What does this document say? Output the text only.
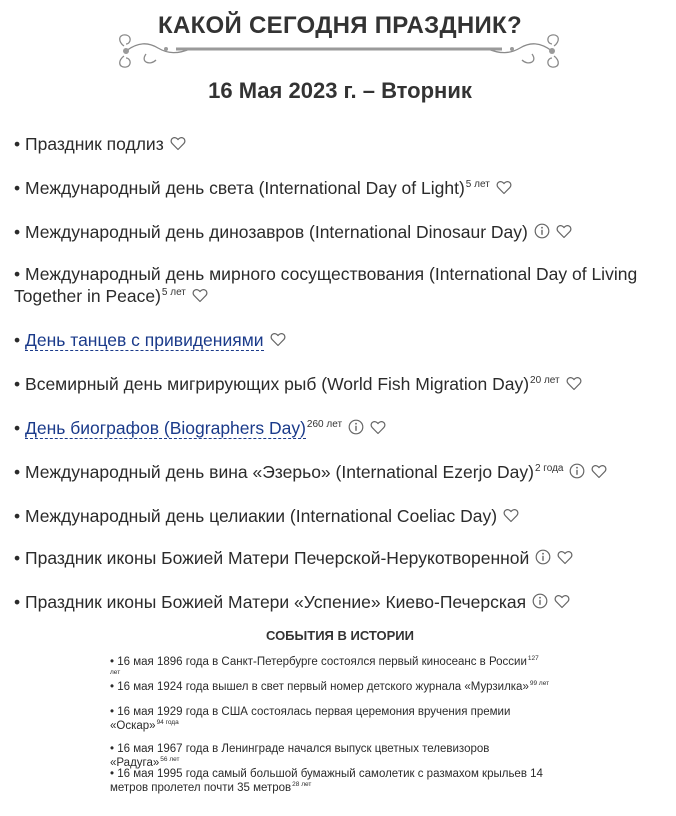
КАКОЙ СЕГОДНЯ ПРАЗДНИК?
16 Мая 2023 г. – Вторник
• Праздник подлиз
• Международный день света (International Day of Light)$^{5 лет}$
• Международный день динозавров (International Dinosaur Day)
• Международный день мирного сосуществования (International Day of Living Together in Peace)$^{5 лет}$
• День танцев с привидениями
• Всемирный день мигрирующих рыб (World Fish Migration Day)$^{20 лет}$
• День биографов (Biographers Day)$^{260 лет}$
• Международный день вина «Эзерьо» (International Ezerjo Day)$^{2 года}$
• Международный день целиакии (International Coeliac Day)
• Праздник иконы Божией Матери Печерской-Нерукотворенной
• Праздник иконы Божией Матери «Успение» Киево-Печерская
СОБЫТИЯ В ИСТОРИИ
• 16 мая 1896 года в Санкт-Петербурге состоялся первый киносеанс в России$^{127 лет}$
• 16 мая 1924 года вышел в свет первый номер детского журнала «Мурзилка»$^{99 лет}$
• 16 мая 1929 года в США состоялась первая церемония вручения премии «Оскар»$^{94 года}$
• 16 мая 1967 года в Ленинграде начался выпуск цветных телевизоров «Радуга»$^{56 лет}$
• 16 мая 1995 года самый большой бумажный самолетик с размахом крыльев 14 метров пролетел почти 35 метров$^{28 лет}$
